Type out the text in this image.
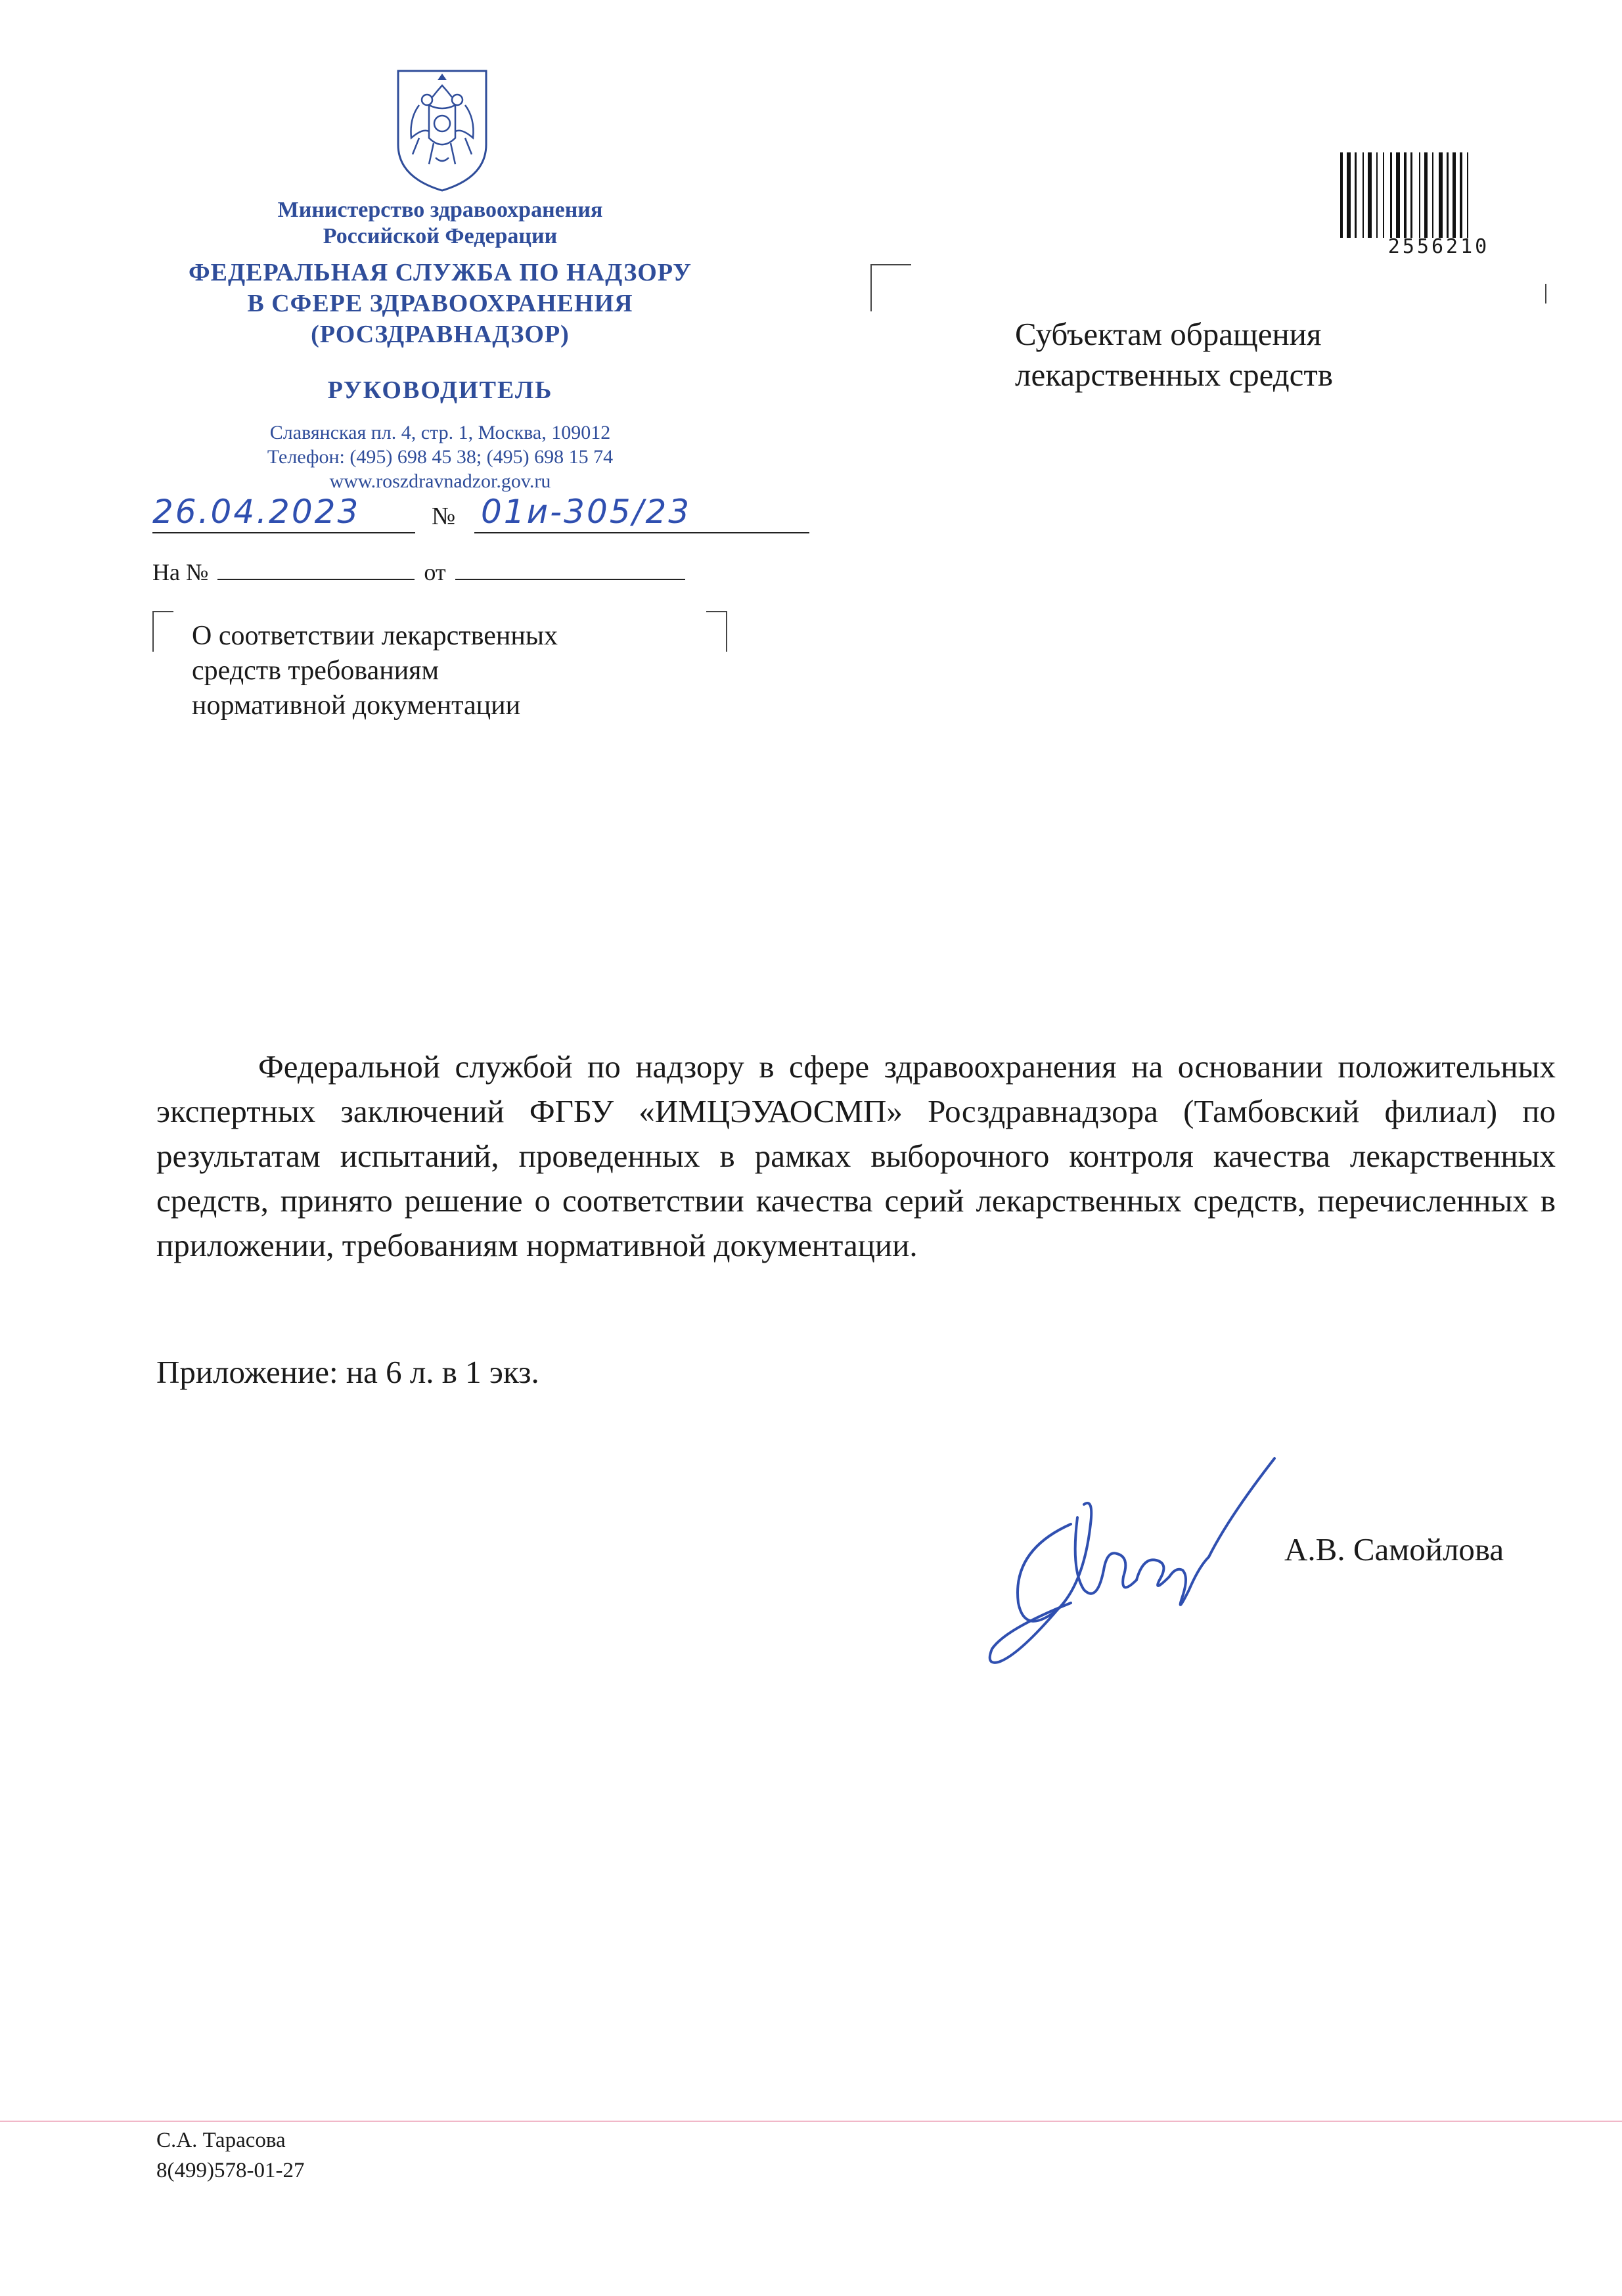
Министерство здравоохранения
Российской Федерации
ФЕДЕРАЛЬНАЯ СЛУЖБА ПО НАДЗОРУ
В СФЕРЕ ЗДРАВООХРАНЕНИЯ
(РОСЗДРАВНАДЗОР)
РУКОВОДИТЕЛЬ
Славянская пл. 4, стр. 1, Москва, 109012
Телефон: (495) 698 45 38; (495) 698 15 74
www.roszdravnadzor.gov.ru
26.04.2023	№ 01и-305/23
На №	от
О соответствии лекарственных
средств требованиям
нормативной документации
Субъектам обращения
лекарственных средств
2556210

Федеральной службой по надзору в сфере здравоохранения на основании положительных экспертных заключений ФГБУ «ИМЦЭУАОСМП» Росздравнадзора (Тамбовский филиал) по результатам испытаний, проведенных в рамках выборочного контроля качества лекарственных средств, принято решение о соответствии качества серий лекарственных средств, перечисленных в приложении, требованиям нормативной документации.

Приложение: на 6 л. в 1 экз.
А.В. Самойлова
С.А. Тарасова
8(499)578-01-27
